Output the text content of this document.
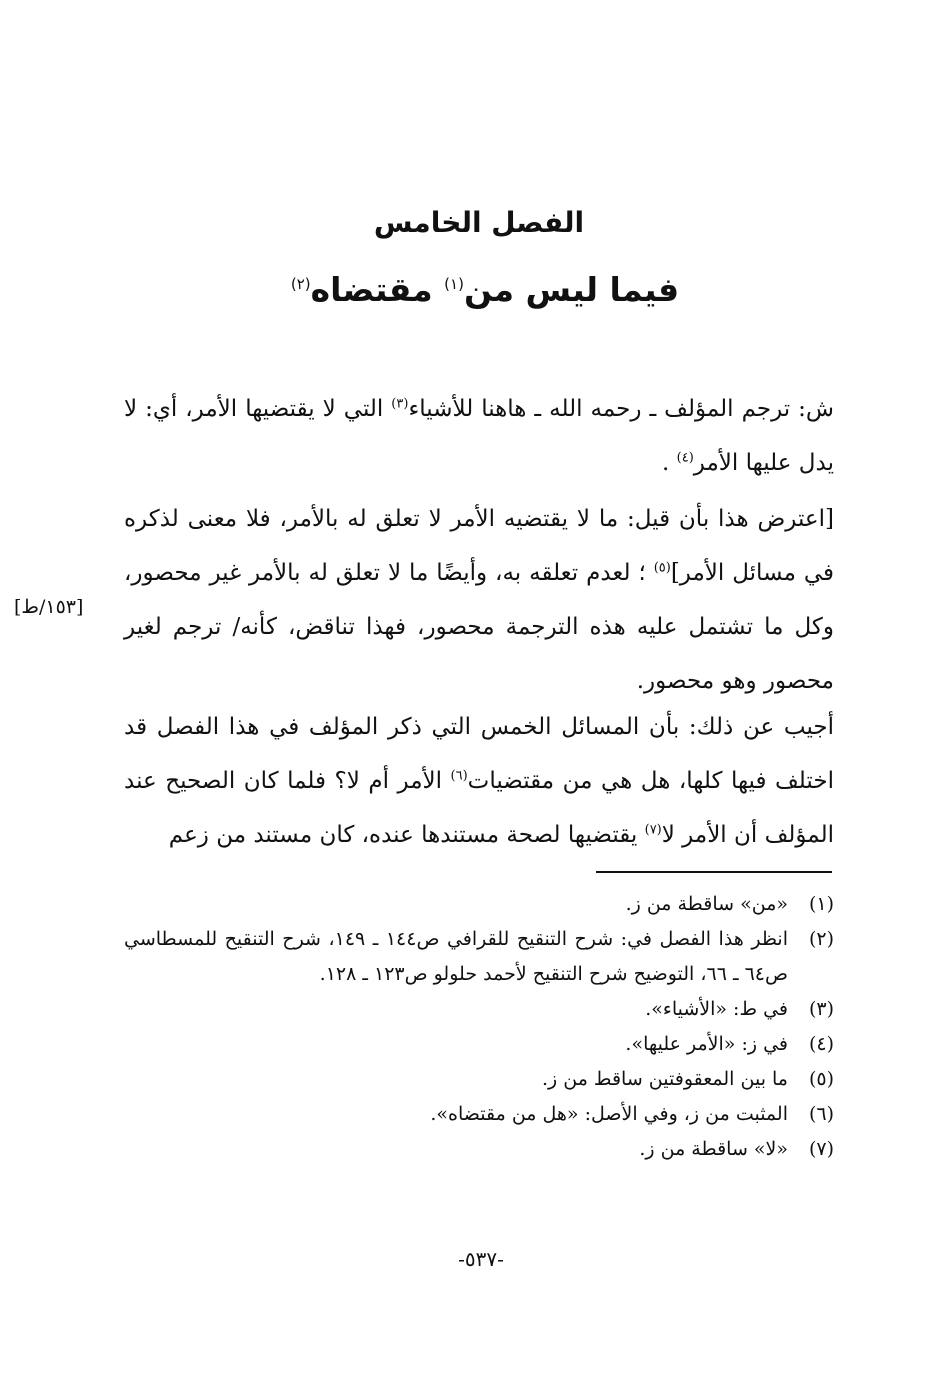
الفصل الخامس
فيما ليس من$^{(١)}$ مقتضاه$^{(٢)}$
ش: ترجم المؤلف ـ رحمه الله ـ هاهنا للأشياء$^{(٣)}$ التي لا يقتضيها الأمر، أي: لا يدل عليها الأمر$^{(٤)}$ .
[اعترض هذا بأن قيل: ما لا يقتضيه الأمر لا تعلق له بالأمر، فلا معنى لذكره في مسائل الأمر]$^{(٥)}$ ؛ لعدم تعلقه به، وأيضًا ما لا تعلق له بالأمر غير محصور، وكل ما تشتمل عليه هذه الترجمة محصور، فهذا تناقض، كأنه/ ترجم لغير محصور وهو محصور.
[١٥٣/ط]
أجيب عن ذلك: بأن المسائل الخمس التي ذكر المؤلف في هذا الفصل قد اختلف فيها كلها، هل هي من مقتضيات$^{(٦)}$ الأمر أم لا؟ فلما كان الصحيح عند المؤلف أن الأمر لا$^{(٧)}$ يقتضيها لصحة مستندها عنده، كان مستند من زعم
(١)
«من» ساقطة من ز.
(٢)
انظر هذا الفصل في: شرح التنقيح للقرافي ص١٤٤ ـ ١٤٩، شرح التنقيح للمسطاسي ص٦٤ ـ ٦٦، التوضيح شرح التنقيح لأحمد حلولو ص١٢٣ ـ ١٢٨.
(٣)
في ط: «الأشياء».
(٤)
في ز: «الأمر عليها».
(٥)
ما بين المعقوفتين ساقط من ز.
(٦)
المثبت من ز، وفي الأصل: «هل من مقتضاه».
(٧)
«لا» ساقطة من ز.
-٥٣٧-
